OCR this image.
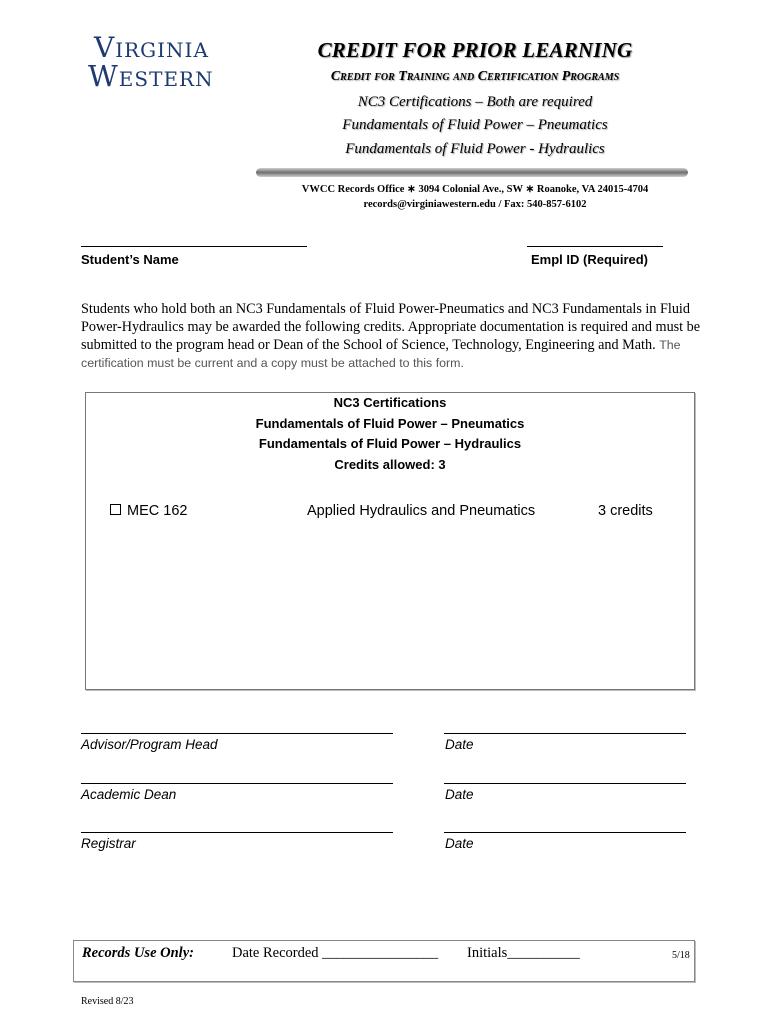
Virginia
Western
CREDIT FOR PRIOR LEARNING
Credit for Training and Certification Programs
NC3 Certifications – Both are required
Fundamentals of Fluid Power – Pneumatics
Fundamentals of Fluid Power - Hydraulics
VWCC Records Office ∗ 3094 Colonial Ave., SW ∗ Roanoke, VA 24015-4704
records@virginiawestern.edu / Fax: 540-857-6102
Student’s Name	Empl ID (Required)
Students who hold both an NC3 Fundamentals of Fluid Power-Pneumatics and NC3 Fundamentals in Fluid Power-Hydraulics may be awarded the following credits. Appropriate documentation is required and must be submitted to the program head or Dean of the School of Science, Technology, Engineering and Math. The certification must be current and a copy must be attached to this form.
NC3 Certifications
Fundamentals of Fluid Power – Pneumatics
Fundamentals of Fluid Power – Hydraulics
Credits allowed: 3
MEC 162	Applied Hydraulics and Pneumatics	3 credits
Advisor/Program Head	Date
Academic Dean	Date
Registrar	Date
Records Use Only:	Date Recorded ________________ Initials__________	5/18
Revised 8/23
